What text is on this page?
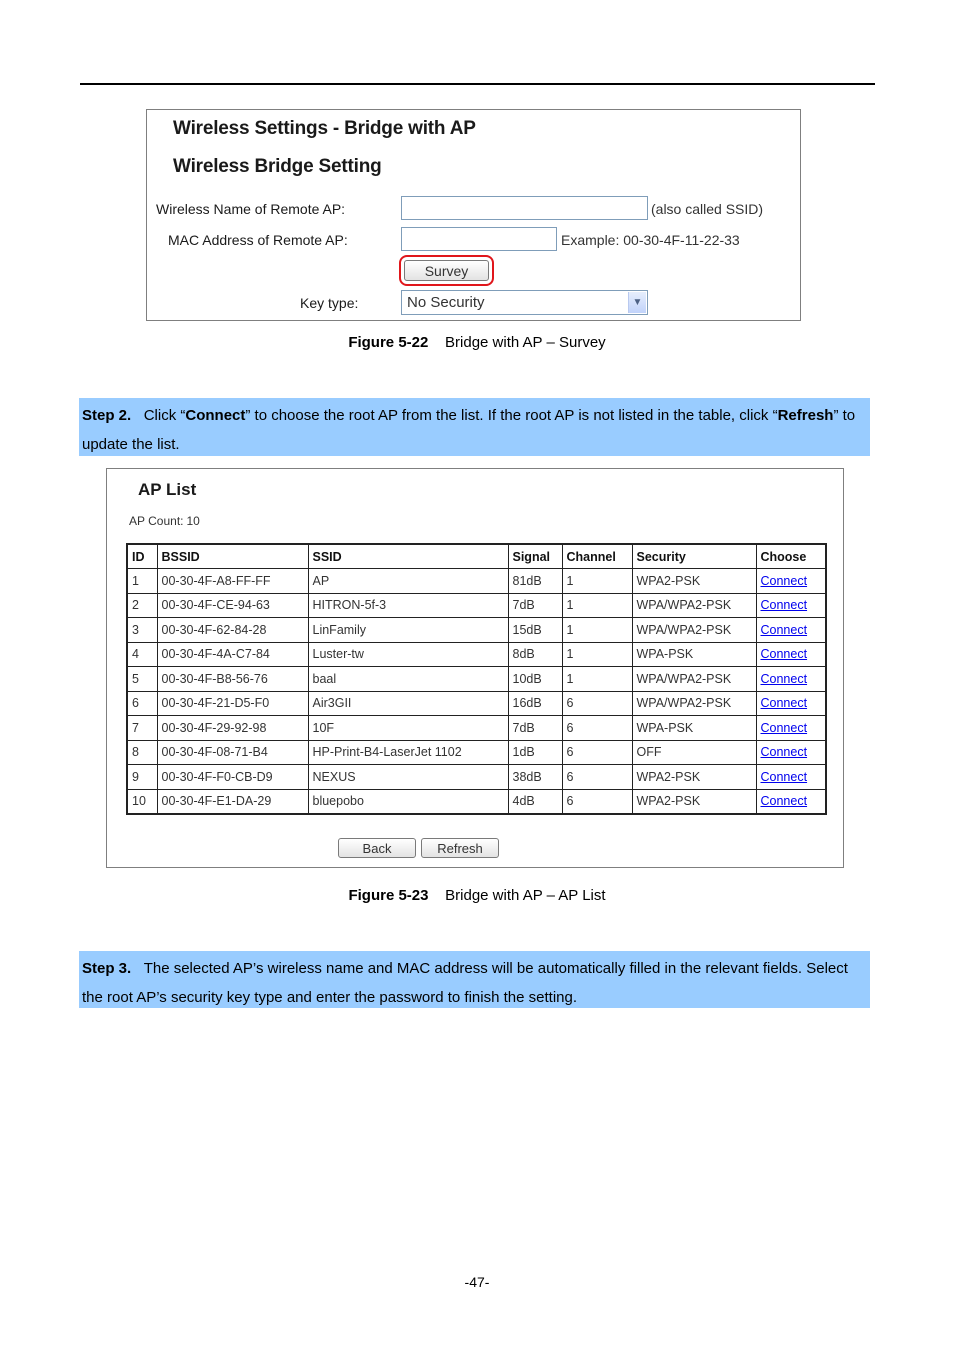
Wireless Settings - Bridge with AP
Wireless Bridge Setting
Wireless Name of Remote AP:	(also called SSID)
MAC Address of Remote AP:	Example: 00-30-4F-11-22-33
Survey
Key type:	No Security	▼
Figure 5-22 Bridge with AP – Survey
Step 2. Click “Connect” to choose the root AP from the list. If the root AP is not listed in the table, click “Refresh” to update the list.
AP List
AP Count: 10
ID	BSSID	SSID	Signal	Channel	Security	Choose
1	00-30-4F-A8-FF-FF	AP	81dB	1	WPA2-PSK	Connect
2	00-30-4F-CE-94-63	HITRON-5f-3	7dB	1	WPA/WPA2-PSK	Connect
3	00-30-4F-62-84-28	LinFamily	15dB	1	WPA/WPA2-PSK	Connect
4	00-30-4F-4A-C7-84	Luster-tw	8dB	1	WPA-PSK	Connect
5	00-30-4F-B8-56-76	baal	10dB	1	WPA/WPA2-PSK	Connect
6	00-30-4F-21-D5-F0	Air3GII	16dB	6	WPA/WPA2-PSK	Connect
7	00-30-4F-29-92-98	10F	7dB	6	WPA-PSK	Connect
8	00-30-4F-08-71-B4	HP-Print-B4-LaserJet 1102	1dB	6	OFF	Connect
9	00-30-4F-F0-CB-D9	NEXUS	38dB	6	WPA2-PSK	Connect
10	00-30-4F-E1-DA-29	bluepobo	4dB	6	WPA2-PSK	Connect
Back	Refresh
Figure 5-23 Bridge with AP – AP List
Step 3. The selected AP’s wireless name and MAC address will be automatically filled in the relevant fields. Select the root AP’s security key type and enter the password to finish the setting.
-47-
